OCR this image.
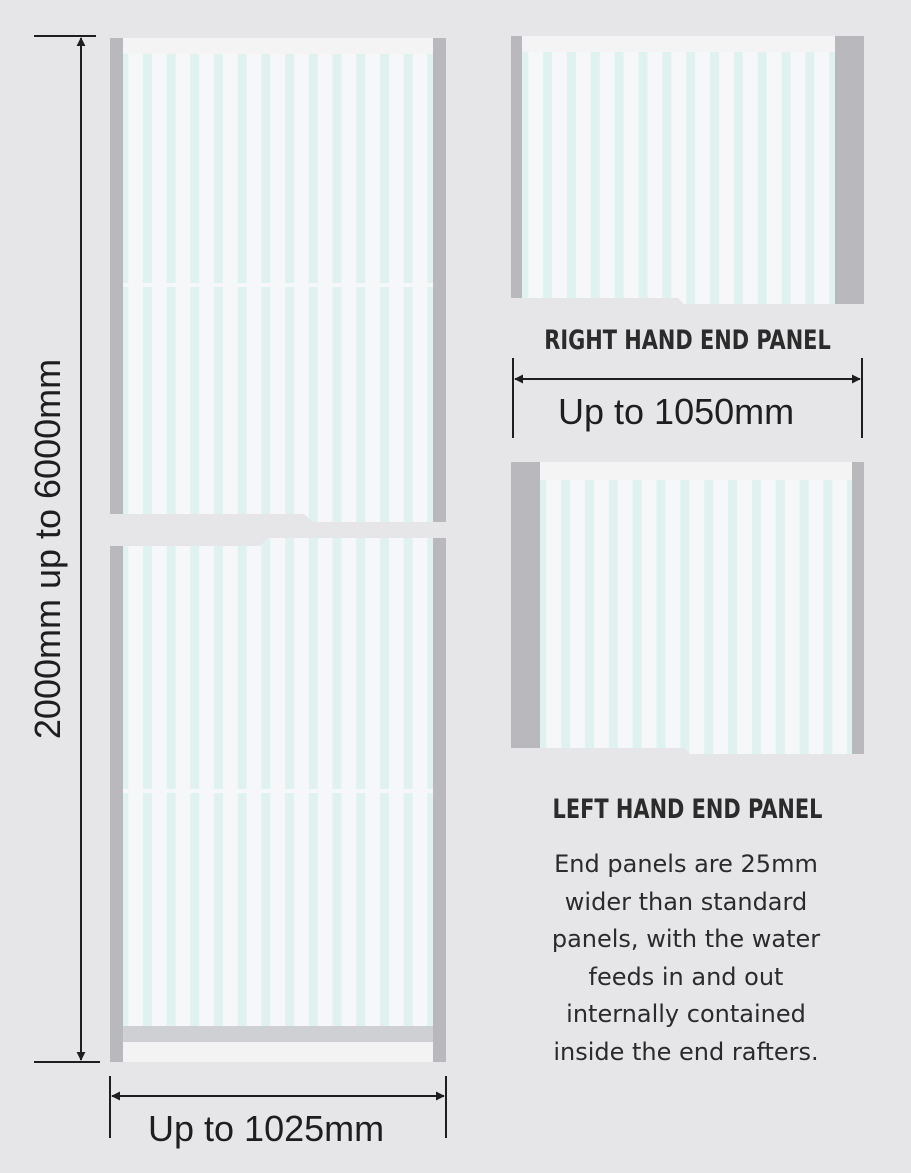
2000mm up to 6000mm
Up to 1025mm
RIGHT HAND END PANEL
Up to 1050mm
LEFT HAND END PANEL
End panels are 25mm
wider than standard
panels, with the water
feeds in and out
internally contained
inside the end rafters.
